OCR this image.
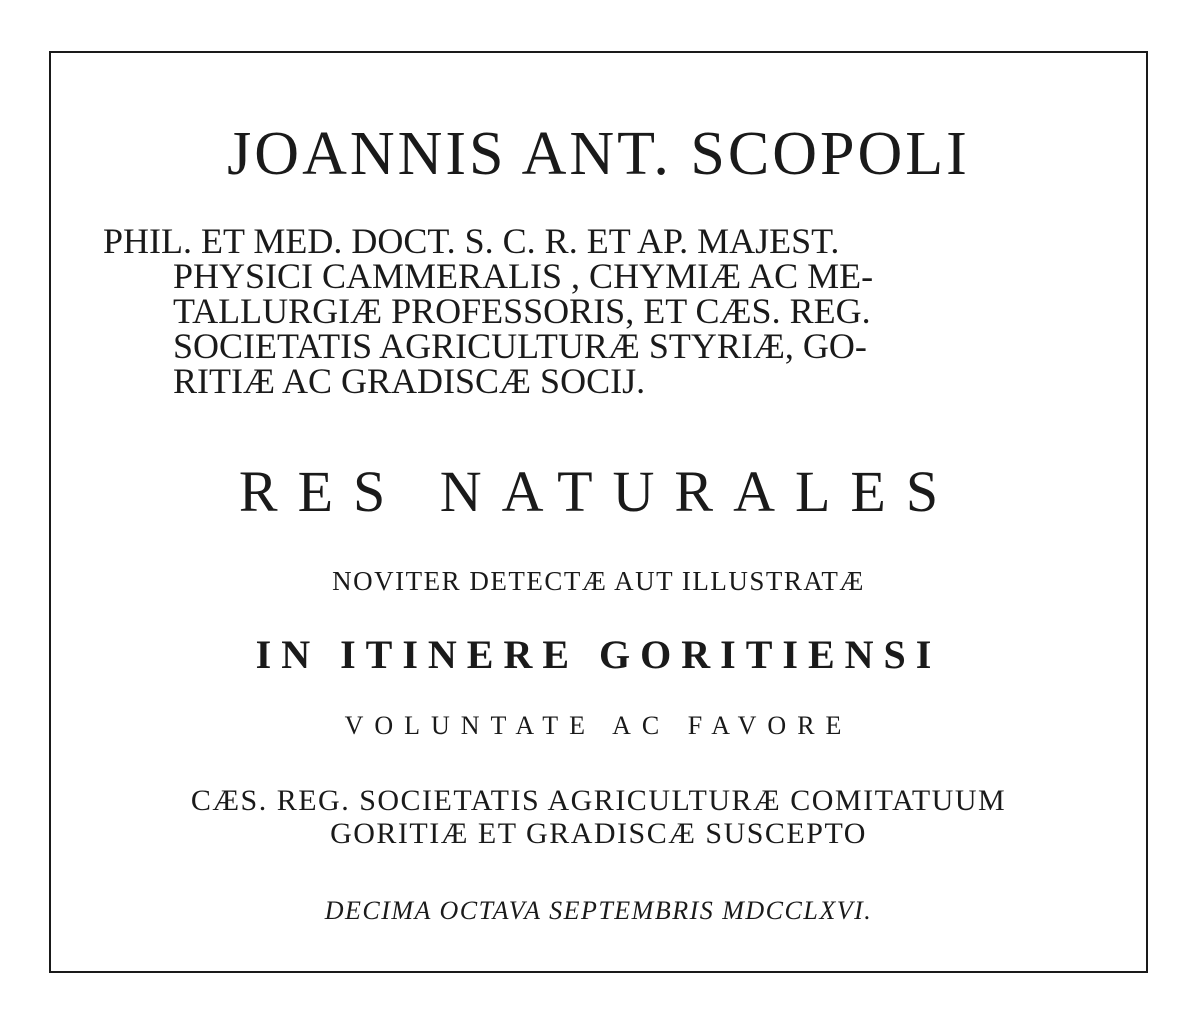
JOANNIS ANT. SCOPOLI

PHIL. ET MED. DOCT. S. C. R. ET AP. MAJEST.

PHYSICI CAMMERALIS , CHYMIÆ AC ME-

TALLURGIÆ PROFESSORIS, ET CÆS. REG.

SOCIETATIS AGRICULTURÆ STYRIÆ, GO-

RITIÆ AC GRADISCÆ SOCIJ.

RES NATURALES

NOVITER DETECTÆ AUT ILLUSTRATÆ

IN ITINERE GORITIENSI

VOLUNTATE AC FAVORE

CÆS. REG. SOCIETATIS AGRICULTURÆ COMITATUUM

GORITIÆ ET GRADISCÆ SUSCEPTO

DECIMA OCTAVA SEPTEMBRIS MDCCLXVI.
